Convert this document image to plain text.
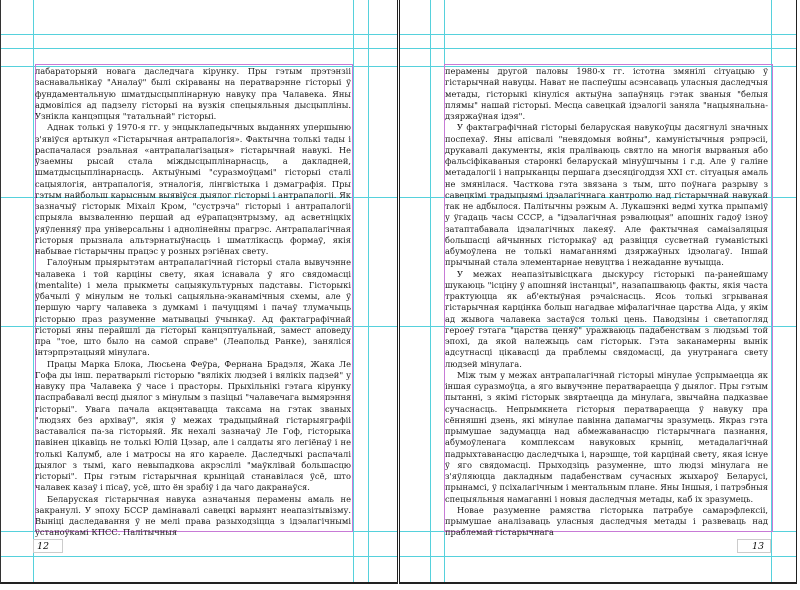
лабараторыяй новага даследчага кірунку. Пры гэтым прэтэнзіі заснавальнікаў "Аналаў" былі скіраваны на ператварэнне гісторыі ў фундаментальную шматдысцыплінарную навуку пра Чалавека. Яны адмовіліся ад падзелу гісторыі на вузкія спецыяльныя дысцыпліны. Узнікла канцэпцыя "татальнай" гісторыі.

Аднак толькі ў 1970-я гг. у энцыклапедычных выданнях упершыню з'явіўся артыкул «Гістарычная антрапалогія». Фактычна толькі тады і распачалася рэальная «антрапалагізацыя» гістарычнай навукі. Не ўзаемны рысай стала міждысцыплінарнасць, а дакладней, шматдысцыплінарнасць. Актыўнымі "суразмоўцамі" гісторыі сталі сацыялогія, антрапалогія, этналогія, лінгвістыка і дэмаграфія. Пры гэтым найбольш карысным выявіўся дыялог гісторыі і антрапалогіі. Як зазначыў гісторык Міхаіл Кром, "сустрэча" гісторыі і антрапалогіі спрыяла вызваленню першай ад еўрапацэнтрызму, ад асветніцкіх уяўленняў пра універсальны і аднолінейны прагрэс. Антрапалагічная гісторыя прызнала альтэрнатыўнасць і шматлікасць формаў, якія набывае гістарычны працэс у розных рэгіёнах свету.

Галоўным прыярытэтам антрапалагічнай гісторыі стала вывучэнне чалавека і той карціны свету, якая існавала ў яго свядомасці (mentalite) і мела прыкметы сацыякультурных падставы. Гісторыкі ўбачылі ў мінулым не толькі сацыяльна-эканамічныя схемы, але ў першую чаргу чалавека з думкамі і пачуццямі і пачаў тлумачыць гісторыю праз разуменне матывацыі ўчынкаў. Ад фактаграфічнай гісторыі яны перайшлі да гісторыі канцэптуальнай, замест аповеду пра "тое, што было на самой справе" (Леапольд Ранке), заняліся інтэрпрэтацыяй мінулага.

Працы Марка Блока, Люсьена Феўра, Фернана Брадэля, Жака Ле Гофа ды інш. ператварылі гісторыю "вялікіх людзей і вялікіх падзей" у навуку пра Чалавека ў часе і прасторы. Прыхільнікі гэтага кірунку паспрабавалі весці дыялог з мінулым з пазіцыі "чалавечага вымярэння гісторыі". Увага пачала акцэнтавацца таксама на гэтак званых "людзях без архіваў", якія ў межах традыцыйнай гістарыяграфіі заставаліся па-за гісторыяй. Як нехалі зазначаў Ле Гоф, гісторыка павінен цікавіць не толькі Юлій Цэзар, але і салдаты яго легіёнаў і не толькі Калумб, але і матросы на яго караеле. Даследчыкі распачалі дыялог з тымі, каго невыпадкова акрэслілі "маўклівай большасцю гісторыі". Пры гэтым гістарычная крыніцай станавілася ўсё, што чалавек казаў і пісаў, усё, што ён зрабіў і да чаго дакранаўся.

Беларуская гістарычная навука азначаныя перамены амаль не закранулі. У эпоху БССР дамінавалі савецкі варыянт неапазітывізму. Выніці даследавання ў не мелі права разыходзіцца з ідэалагічнымі ўстаноўкамі КПСС. Палітычныя

12	13

перамены другой паловы 1980-х гг. істотна змянілі сітуацыю ў гістарычнай навуцы. Нават не паспеўшы асэнсаваць уласныя даследчыя метады, гісторыкі кінуліся актыўна запаўняць гэтак званыя "белыя плямы" нашай гісторыі. Месца савецкай ідэалогіі заняла "нацыянальна-дзяржаўная ідэя".

У фактаграфічнай гісторыі беларуская навукоўцы дасягнулі значных поспехаў. Яны апісвалі "невядомыя войны", камуністычныя рэпрэсіі, друкавалі дакументы, якія праліваюць святло на многія вырваныя або фальсіфікаваныя старонкі беларускай мінуўшчыны і г.д. Але ў галіне метадалогіі і напрыканцы першага дзесяцігоддзя XXI ст. сітуацыя амаль не змянілася. Часткова гэта звязана з тым, што поўнага разрыву з савецкімі традыцыямі ідэалагічнага кантролю над гістарычнай навукай так не адбылося. Палітычны рэжым А. Лукашэнкі ведмі хутка прыпаміў у ўгадаць часы СССР, а "ідэалагічная рэвалюцыя" апошніх гадоў ізноў затаптабавала ідэалагічных лакеяў. Але фактычная самаізаляцыя большасці айчынных гісторыкаў ад развіцця сусветнай гуманістыкі абумоўлена не толькі намаганнямі дзяржаўных ідэолагаў. Іншай прычынай стала элементарнае невуцтва і нежаданне вучыцца.

У межах неапазітывісцкага дыскурсу гісторыкі па-ранейшаму шукаюць "ісціну ў апошняй інстанцыі", назапашваюць факты, якія часта трактуюцца як аб'ектыўная рэчаіснасць. Ясоь толькі згрываная гістарычная карцінка больш нагадвае міфалагічнае царства Аіда, у якім ад жывога чалавека застаўся толькі цень. Паводзіны і светапогляд героеў гэтага "царства ценяў" уражваюць падабенствам з людзьмі той эпохі, да якой належыць сам гісторык. Гэта заканамерны вынік адсутнасці цікавасці да праблемы свядомасці, да унутранага свету людзей мінулага.

Між тым у межах антрапалагічнай гісторыі мінулае ўспрымаецца як іншая суразмоўца, а яго вывучэнне ператвараецца ў дыялог. Пры гэтым пытанні, з якімі гісторык звяртаецца да мінулага, звычайна падказвае сучаснасць. Непрымкнета гісторыя ператвараецца ў навуку пра сённяшні дзень, які мінулае павінна дапамагчы зразумець. Якраз гэта прымушае задумацца над абмежаванасцю гістарычнага пазнання, абумоўленага комплексам навуковых крыніц, метадалагічнай падрыхтаванасцю даследчыка і, нарэшце, той карцінай свету, якая існуе ў яго свядомасці. Прыходзіць разуменне, што людзі мінулага не з'яўляюцца дакладным падабенствам сучасных жыхароў Беларусі, прынамсі, ў псіхалагічным і ментальным плане. Яны Іншыя, і патрэбныя спецыяльныя намаганні і новыя даследчыя метады, каб іх зразумець.

Новае разуменне рамяства гісторыка патрабуе самарэфлексіі, прымушае аналізаваць уласныя даследчыя метады і развеваць над праблемай гістарычнага
